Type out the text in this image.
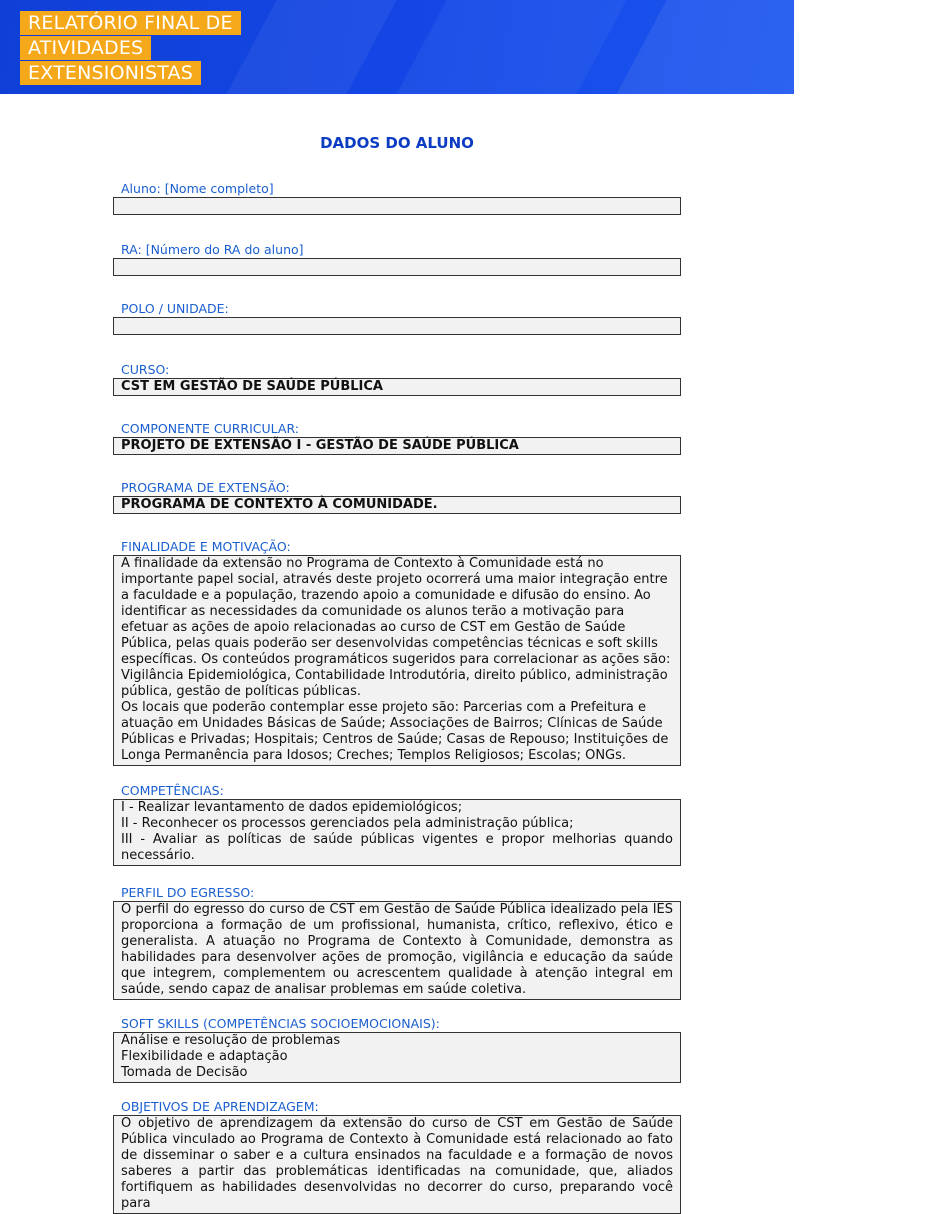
RELATÓRIO FINAL DE
ATIVIDADES
EXTENSIONISTAS
DADOS DO ALUNO
Aluno: [Nome completo]
RA: [Número do RA do aluno]
POLO / UNIDADE:
CURSO:
CST EM GESTÃO DE SAÚDE PÚBLICA
COMPONENTE CURRICULAR:
PROJETO DE EXTENSÃO I - GESTÃO DE SAÚDE PÚBLICA
PROGRAMA DE EXTENSÃO:
PROGRAMA DE CONTEXTO À COMUNIDADE.
FINALIDADE E MOTIVAÇÃO:

A finalidade da extensão no Programa de Contexto à Comunidade está no importante papel social, através deste projeto ocorrerá uma maior integração entre a faculdade e a população, trazendo apoio a comunidade e difusão do ensino. Ao identificar as necessidades da comunidade os alunos terão a motivação para efetuar as ações de apoio relacionadas ao curso de CST em Gestão de Saúde Pública, pelas quais poderão ser desenvolvidas competências técnicas e soft skills específicas. Os conteúdos programáticos sugeridos para correlacionar as ações são: Vigilância Epidemiológica, Contabilidade Introdutória, direito público, administração pública, gestão de políticas públicas.

Os locais que poderão contemplar esse projeto são: Parcerias com a Prefeitura e atuação em Unidades Básicas de Saúde; Associações de Bairros; Clínicas de Saúde Públicas e Privadas; Hospitais; Centros de Saúde; Casas de Repouso; Instituições de Longa Permanência para Idosos; Creches; Templos Religiosos; Escolas; ONGs.

COMPETÊNCIAS:

I - Realizar levantamento de dados epidemiológicos;

II - Reconhecer os processos gerenciados pela administração pública;

III - Avaliar as políticas de saúde públicas vigentes e propor melhorias quando necessário.

PERFIL DO EGRESSO:

O perfil do egresso do curso de CST em Gestão de Saúde Pública idealizado pela IES proporciona a formação de um profissional, humanista, crítico, reflexivo, ético e generalista. A atuação no Programa de Contexto à Comunidade, demonstra as habilidades para desenvolver ações de promoção, vigilância e educação da saúde que integrem, complementem ou acrescentem qualidade à atenção integral em saúde, sendo capaz de analisar problemas em saúde coletiva.

SOFT SKILLS (COMPETÊNCIAS SOCIOEMOCIONAIS):

Análise e resolução de problemas

Flexibilidade e adaptação

Tomada de Decisão

OBJETIVOS DE APRENDIZAGEM:

O objetivo de aprendizagem da extensão do curso de CST em Gestão de Saúde Pública vinculado ao Programa de Contexto à Comunidade está relacionado ao fato de disseminar o saber e a cultura ensinados na faculdade e a formação de novos saberes a partir das problemáticas identificadas na comunidade, que, aliados fortifiquem as habilidades desenvolvidas no decorrer do curso, preparando você para
